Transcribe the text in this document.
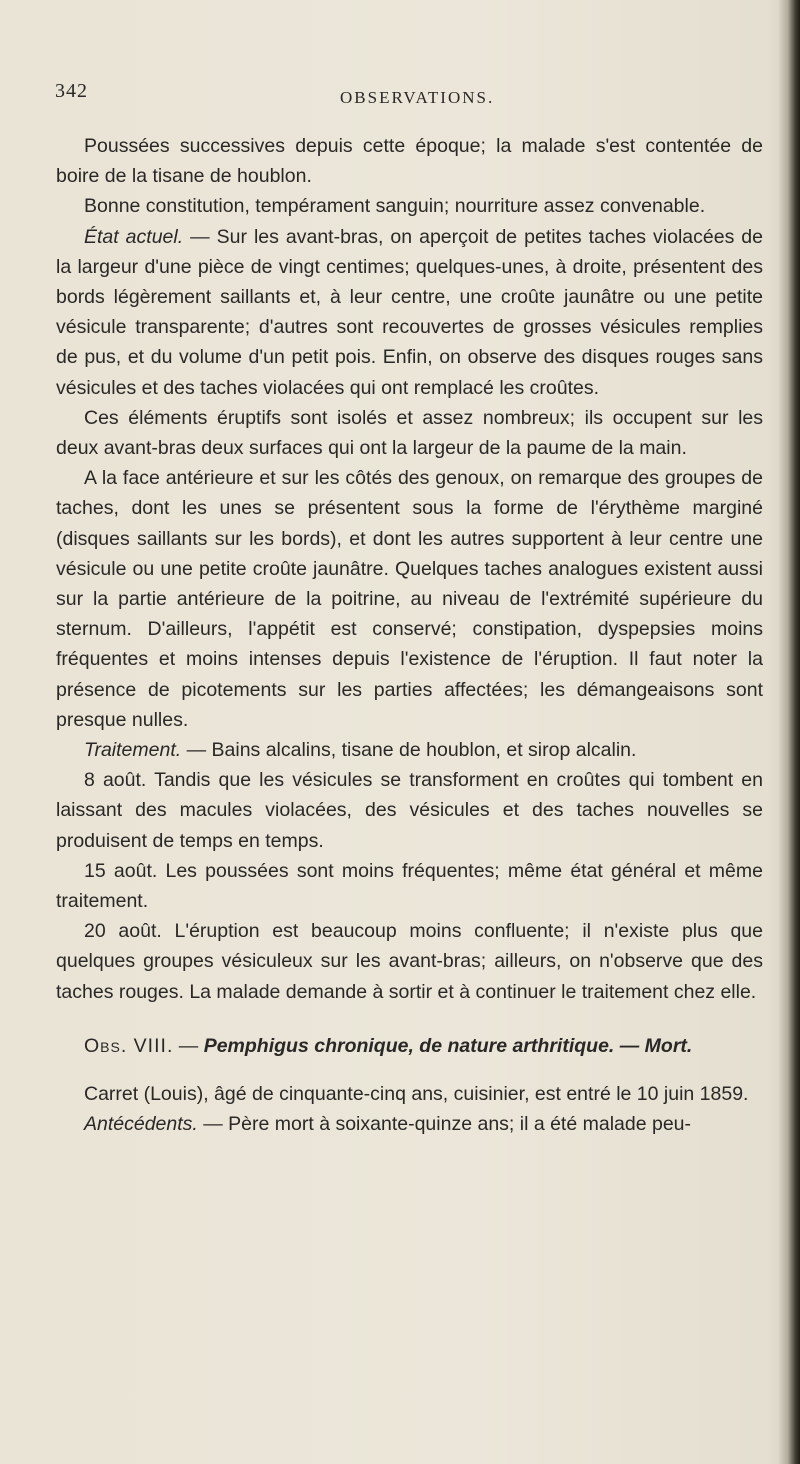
342	OBSERVATIONS.

Poussées successives depuis cette époque; la malade s'est contentée de boire de la tisane de houblon.

Bonne constitution, tempérament sanguin; nourriture assez convenable.

État actuel. — Sur les avant-bras, on aperçoit de petites taches violacées de la largeur d'une pièce de vingt centimes; quelques-unes, à droite, présentent des bords légèrement saillants et, à leur centre, une croûte jaunâtre ou une petite vésicule transparente; d'autres sont recouvertes de grosses vésicules remplies de pus, et du volume d'un petit pois. Enfin, on observe des disques rouges sans vésicules et des taches violacées qui ont remplacé les croûtes.

Ces éléments éruptifs sont isolés et assez nombreux; ils occupent sur les deux avant-bras deux surfaces qui ont la largeur de la paume de la main.

A la face antérieure et sur les côtés des genoux, on remarque des groupes de taches, dont les unes se présentent sous la forme de l'érythème marginé (disques saillants sur les bords), et dont les autres supportent à leur centre une vésicule ou une petite croûte jaunâtre. Quelques taches analogues existent aussi sur la partie antérieure de la poitrine, au niveau de l'extrémité supérieure du sternum. D'ailleurs, l'appétit est conservé; constipation, dyspepsies moins fréquentes et moins intenses depuis l'existence de l'éruption. Il faut noter la présence de picotements sur les parties affectées; les démangeaisons sont presque nulles.

Traitement. — Bains alcalins, tisane de houblon, et sirop alcalin.

8 août. Tandis que les vésicules se transforment en croûtes qui tombent en laissant des macules violacées, des vésicules et des taches nouvelles se produisent de temps en temps.

15 août. Les poussées sont moins fréquentes; même état général et même traitement.

20 août. L'éruption est beaucoup moins confluente; il n'existe plus que quelques groupes vésiculeux sur les avant-bras; ailleurs, on n'observe que des taches rouges. La malade demande à sortir et à continuer le traitement chez elle.

Obs. VIII. — Pemphigus chronique, de nature arthritique. — Mort.

Carret (Louis), âgé de cinquante-cinq ans, cuisinier, est entré le 10 juin 1859.

Antécédents. — Père mort à soixante-quinze ans; il a été malade peu-
